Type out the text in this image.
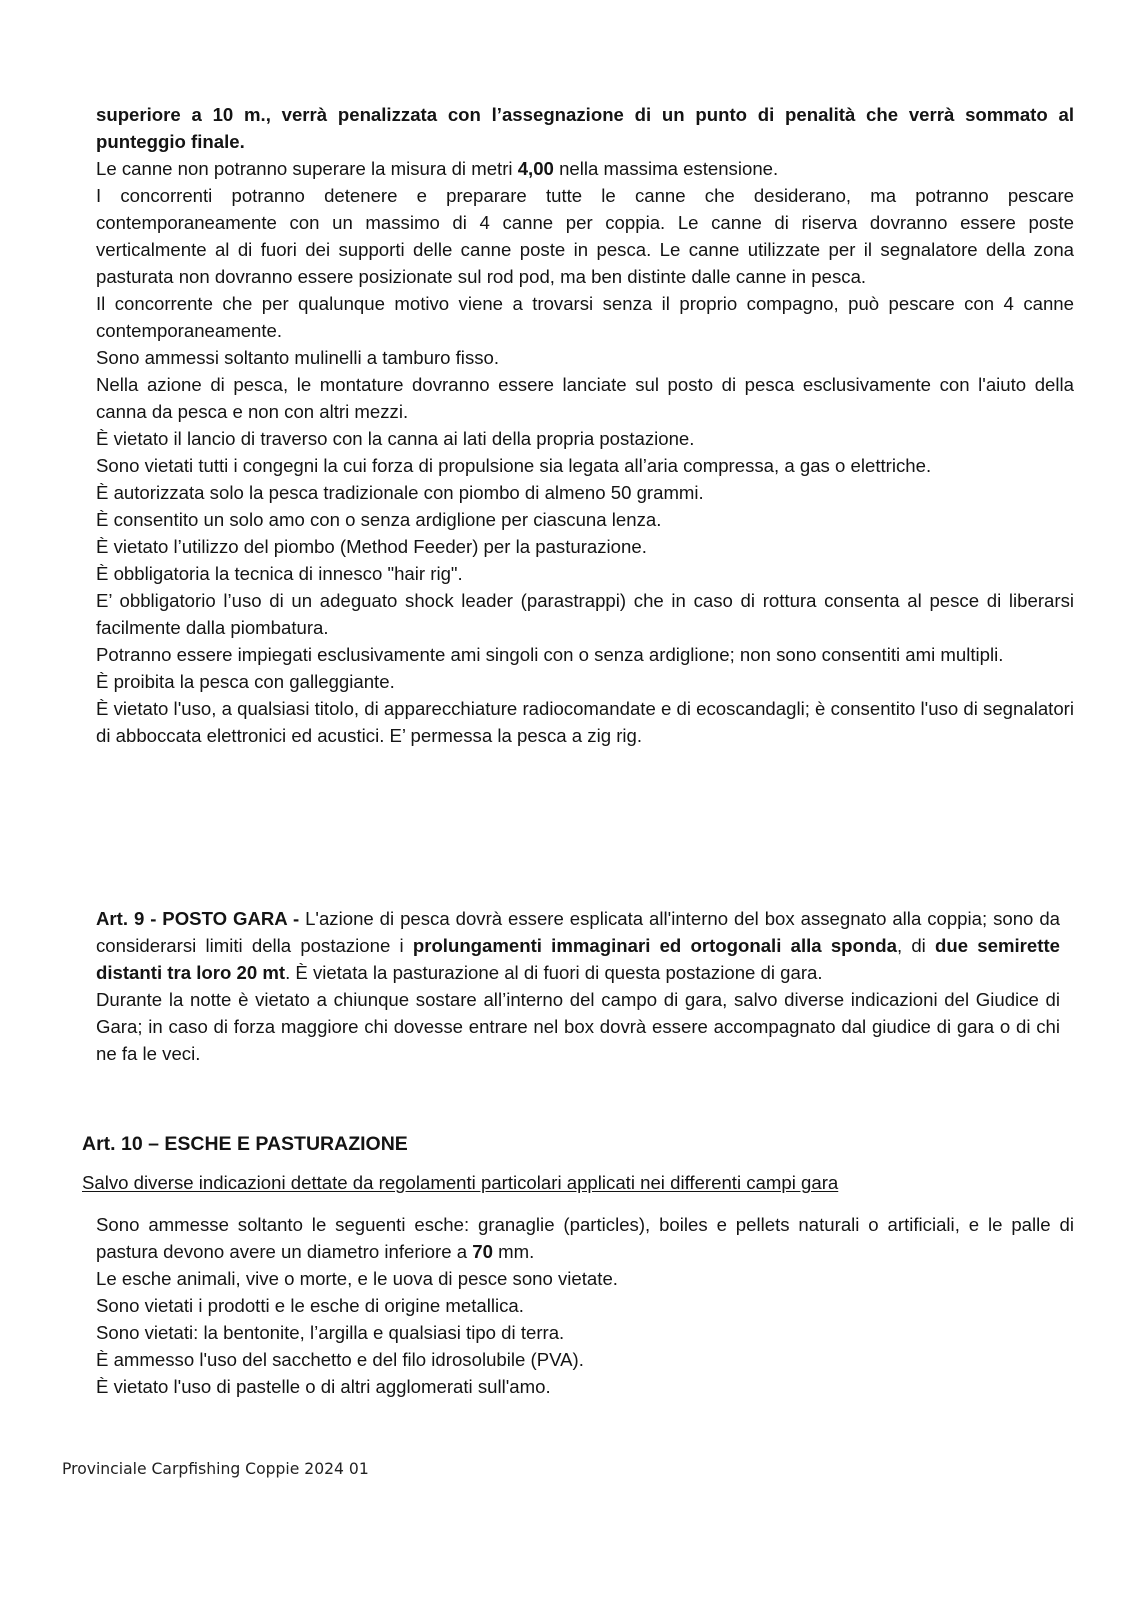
superiore a 10 m., verrà penalizzata con l’assegnazione di un punto di penalità che verrà sommato al punteggio finale.

Le canne non potranno superare la misura di metri 4,00 nella massima estensione.

I concorrenti potranno detenere e preparare tutte le canne che desiderano, ma potranno pescare contemporaneamente con un massimo di 4 canne per coppia. Le canne di riserva dovranno essere poste verticalmente al di fuori dei supporti delle canne poste in pesca. Le canne utilizzate per il segnalatore della zona pasturata non dovranno essere posizionate sul rod pod, ma ben distinte dalle canne in pesca.

Il concorrente che per qualunque motivo viene a trovarsi senza il proprio compagno, può pescare con 4 canne contemporaneamente.

Sono ammessi soltanto mulinelli a tamburo fisso.

Nella azione di pesca, le montature dovranno essere lanciate sul posto di pesca esclusivamente con l'aiuto della canna da pesca e non con altri mezzi.

È vietato il lancio di traverso con la canna ai lati della propria postazione.

Sono vietati tutti i congegni la cui forza di propulsione sia legata all’aria compressa, a gas o elettriche.

È autorizzata solo la pesca tradizionale con piombo di almeno 50 grammi.

È consentito un solo amo con o senza ardiglione per ciascuna lenza.

È vietato l’utilizzo del piombo (Method Feeder) per la pasturazione.

È obbligatoria la tecnica di innesco "hair rig".

E’ obbligatorio l’uso di un adeguato shock leader (parastrappi) che in caso di rottura consenta al pesce di liberarsi facilmente dalla piombatura.

Potranno essere impiegati esclusivamente ami singoli con o senza ardiglione; non sono consentiti ami multipli.

È proibita la pesca con galleggiante.

È vietato l'uso, a qualsiasi titolo, di apparecchiature radiocomandate e di ecoscandagli; è consentito l'uso di segnalatori di abboccata elettronici ed acustici. E’ permessa la pesca a zig rig.

Art. 9 - POSTO GARA - L'azione di pesca dovrà essere esplicata all'interno del box assegnato alla coppia; sono da considerarsi limiti della postazione i prolungamenti immaginari ed ortogonali alla sponda, di due semirette distanti tra loro 20 mt. È vietata la pasturazione al di fuori di questa postazione di gara.

Durante la notte è vietato a chiunque sostare all’interno del campo di gara, salvo diverse indicazioni del Giudice di Gara; in caso di forza maggiore chi dovesse entrare nel box dovrà essere accompagnato dal giudice di gara o di chi ne fa le veci.

Art. 10 – ESCHE E PASTURAZIONE
Salvo diverse indicazioni dettate da regolamenti particolari applicati nei differenti campi gara

Sono ammesse soltanto le seguenti esche: granaglie (particles), boiles e pellets naturali o artificiali, e le palle di pastura devono avere un diametro inferiore a 70 mm.

Le esche animali, vive o morte, e le uova di pesce sono vietate.

Sono vietati i prodotti e le esche di origine metallica.

Sono vietati: la bentonite, l’argilla e qualsiasi tipo di terra.

È ammesso l'uso del sacchetto e del filo idrosolubile (PVA).

È vietato l'uso di pastelle o di altri agglomerati sull'amo.

Provinciale Carpfishing Coppie 2024 01
